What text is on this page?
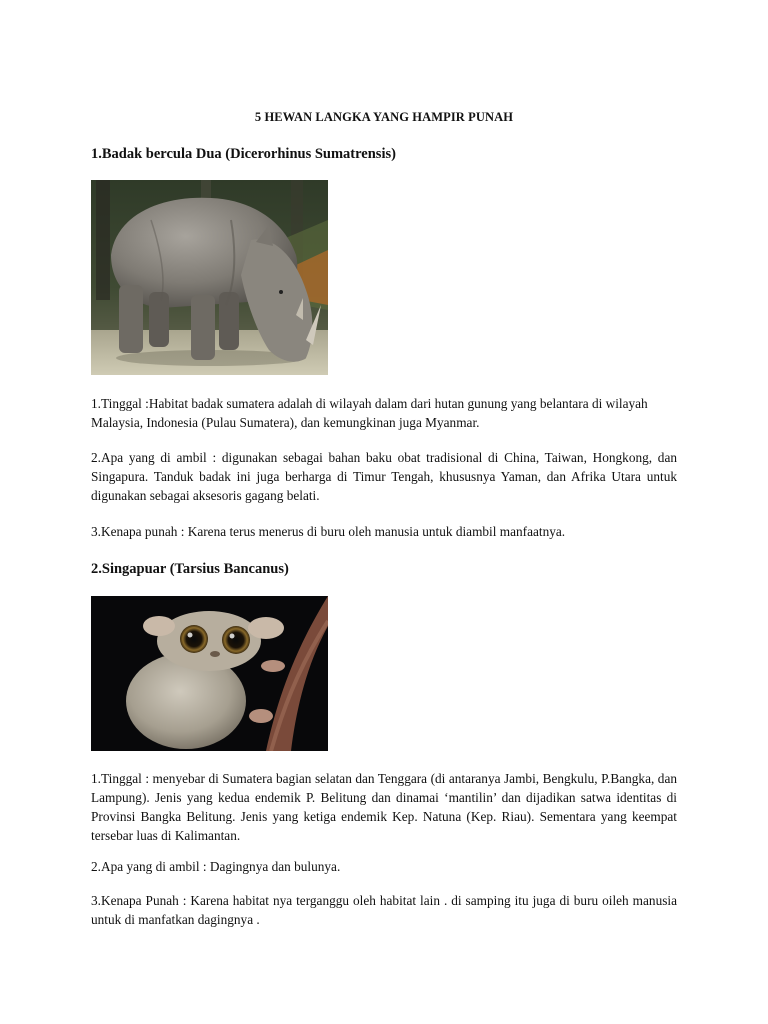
5 HEWAN LANGKA YANG HAMPIR PUNAH
1.Badak bercula Dua (Dicerorhinus Sumatrensis)
1.Tinggal :Habitat badak sumatera adalah di wilayah dalam dari hutan gunung yang belantara di wilayah Malaysia, Indonesia (Pulau Sumatera), dan kemungkinan juga Myanmar.
2.Apa yang di ambil : digunakan sebagai bahan baku obat tradisional di China, Taiwan, Hongkong, dan Singapura. Tanduk badak ini juga berharga di Timur Tengah, khususnya Yaman, dan Afrika Utara untuk digunakan sebagai aksesoris gagang belati.
3.Kenapa punah : Karena terus menerus di buru oleh manusia untuk diambil manfaatnya.
2.Singapuar (Tarsius Bancanus)
1.Tinggal : menyebar di Sumatera bagian selatan dan Tenggara (di antaranya Jambi, Bengkulu, P.Bangka, dan Lampung). Jenis yang kedua endemik P. Belitung dan dinamai ‘mantilin’ dan dijadikan satwa identitas di Provinsi Bangka Belitung. Jenis yang ketiga endemik Kep. Natuna (Kep. Riau). Sementara yang keempat tersebar luas di Kalimantan.
2.Apa yang di ambil : Dagingnya dan bulunya.
3.Kenapa Punah : Karena habitat nya terganggu oleh habitat lain . di samping itu juga di buru oileh manusia untuk di manfatkan dagingnya .
